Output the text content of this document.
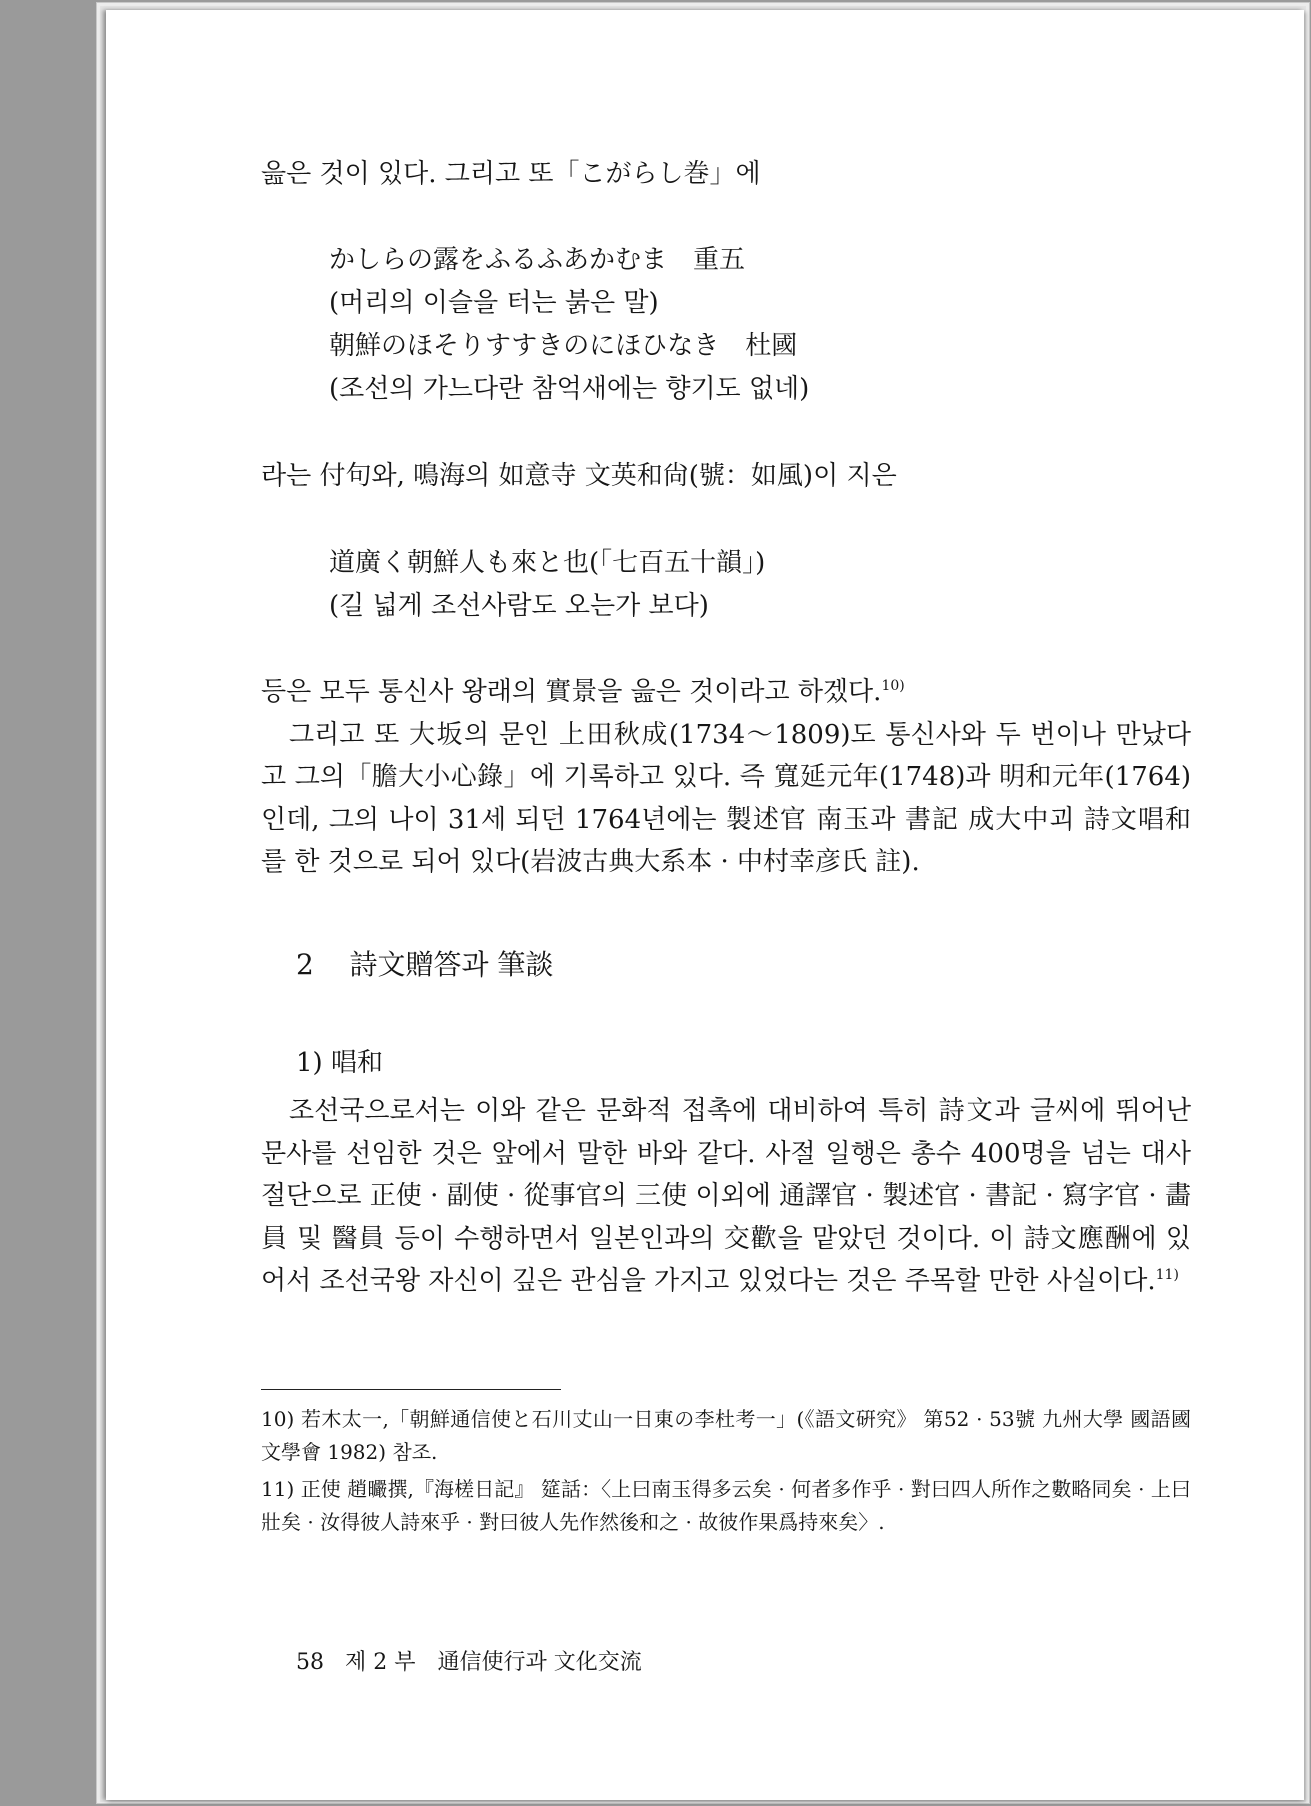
읊은 것이 있다. 그리고 또「こがらし巻」에
かしらの露をふるふあかむま　重五
(머리의 이슬을 터는 붉은 말)
朝鮮のほそりすすきのにほひなき　杜國
(조선의 가느다란 참억새에는 향기도 없네)
라는 付句와, 鳴海의 如意寺 文英和尙(號：如風)이 지은
道廣く朝鮮人も來と也(「七百五十韻」)
(길 넓게 조선사람도 오는가 보다)

등은 모두 통신사 왕래의 實景을 읊은 것이라고 하겠다.$^{10)}$

그리고 또 大坂의 문인 上田秋成(1734～1809)도 통신사와 두 번이나 만났다고 그의「膽大小心錄」에 기록하고 있다. 즉 寬延元年(1748)과 明和元年(1764)인데, 그의 나이 31세 되던 1764년에는 製述官 南玉과 書記 成大中괴 詩文唱和를 한 것으로 되어 있다(岩波古典大系本 · 中村幸彦氏 註).

2 詩文贈答과 筆談
1) 唱和

조선국으로서는 이와 같은 문화적 접촉에 대비하여 특히 詩文과 글씨에 뛰어난 문사를 선임한 것은 앞에서 말한 바와 같다. 사절 일행은 총수 400명을 넘는 대사절단으로 正使 · 副使 · 從事官의 三使 이외에 通譯官 · 製述官 · 書記 · 寫字官 · 畵員 및 醫員 등이 수행하면서 일본인과의 交歡을 맡았던 것이다. 이 詩文應酬에 있어서 조선국왕 자신이 깊은 관심을 가지고 있었다는 것은 주목할 만한 사실이다.$^{11)}$

10) 若木太一,「朝鮮通信使と石川丈山一日東の李杜考一」(《語文硏究》 第52 · 53號 九州大學 國語國文學會 1982) 참조.

11) 正使 趙曮撰,『海槎日記』 筵話：〈上曰南玉得多云矣 · 何者多作乎 · 對曰四人所作之數略同矣 · 上曰壯矣 · 汝得彼人詩來乎 · 對曰彼人先作然後和之 · 故彼作果爲持來矣〉.

58 제 2 부　通信使行과 文化交流
